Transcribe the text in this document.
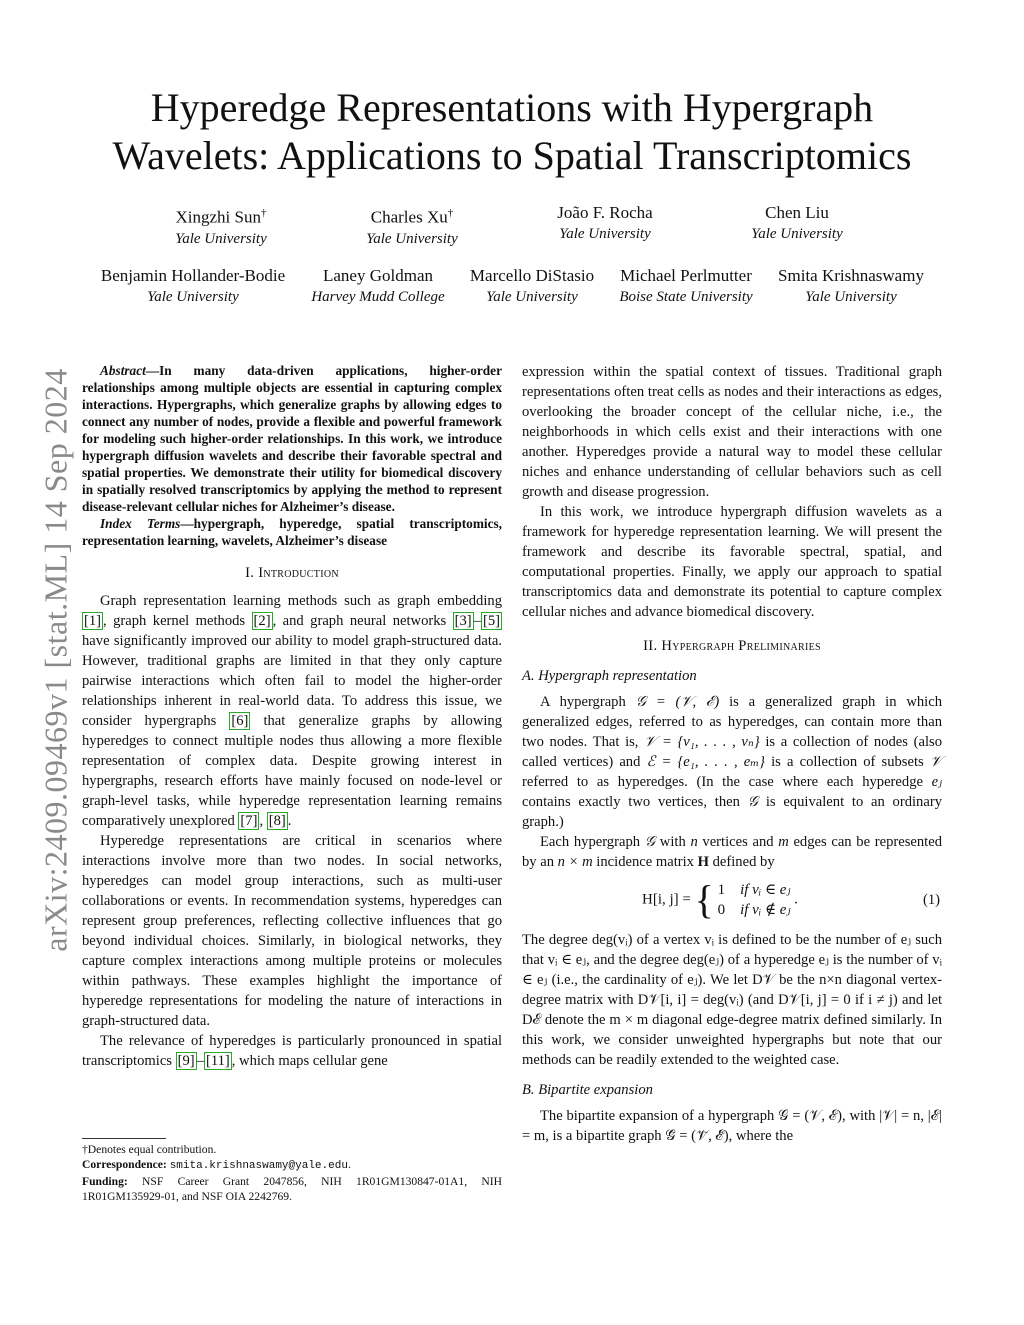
arXiv:2409.09469v1 [stat.ML] 14 Sep 2024
Hyperedge Representations with Hypergraph
Wavelets: Applications to Spatial Transcriptomics
Xingzhi Sun†
Yale University
Charles Xu†
Yale University
João F. Rocha
Yale University
Chen Liu
Yale University
Benjamin Hollander-Bodie
Yale University
Laney Goldman
Harvey Mudd College
Marcello DiStasio
Yale University
Michael Perlmutter
Boise State University
Smita Krishnaswamy
Yale University

Abstract—In many data-driven applications, higher-order relationships among multiple objects are essential in capturing complex interactions. Hypergraphs, which generalize graphs by allowing edges to connect any number of nodes, provide a flexible and powerful framework for modeling such higher-order relationships. In this work, we introduce hypergraph diffusion wavelets and describe their favorable spectral and spatial properties. We demonstrate their utility for biomedical discovery in spatially resolved transcriptomics by applying the method to represent disease-relevant cellular niches for Alzheimer’s disease.

Index Terms—hypergraph, hyperedge, spatial transcriptomics, representation learning, wavelets, Alzheimer’s disease

I. Introduction

Graph representation learning methods such as graph embedding [1] , graph kernel methods [2] , and graph neural networks [3] – [5] have significantly improved our ability to model graph-structured data. However, traditional graphs are limited in that they only capture pairwise interactions which often fail to model the higher-order relationships inherent in real-world data. To address this issue, we consider hypergraphs [6] that generalize graphs by allowing hyperedges to connect multiple nodes thus allowing a more flexible representation of complex data. Despite growing interest in hypergraphs, research efforts have mainly focused on node-level or graph-level tasks, while hyperedge representation learning remains comparatively unexplored [7] , [8] .

Hyperedge representations are critical in scenarios where interactions involve more than two nodes. In social networks, hyperedges can model group interactions, such as multi-user collaborations or events. In recommendation systems, hyperedges can represent group preferences, reflecting collective influences that go beyond individual choices. Similarly, in biological networks, they capture complex interactions among multiple proteins or molecules within pathways. These examples highlight the importance of hyperedge representations for modeling the nature of interactions in graph-structured data.

The relevance of hyperedges is particularly pronounced in spatial transcriptomics [9] – [11] , which maps cellular gene

†Denotes equal contribution.
Correspondence: smita.krishnaswamy@yale.edu.
Funding: NSF Career Grant 2047856, NIH 1R01GM130847-01A1, NIH 1R01GM135929-01, and NSF OIA 2242769.

expression within the spatial context of tissues. Traditional graph representations often treat cells as nodes and their interactions as edges, overlooking the broader concept of the cellular niche, i.e., the neighborhoods in which cells exist and their interactions with one another. Hyperedges provide a natural way to model these cellular niches and enhance understanding of cellular behaviors such as cell growth and disease progression.

In this work, we introduce hypergraph diffusion wavelets as a framework for hyperedge representation learning. We will present the framework and describe its favorable spectral, spatial, and computational properties. Finally, we apply our approach to spatial transcriptomics data and demonstrate its potential to capture complex cellular niches and advance biomedical discovery.

II. Hypergraph Preliminaries
A. Hypergraph representation

A hypergraph 𝒢 = (𝒱, ℰ) is a generalized graph in which generalized edges, referred to as hyperedges, can contain more than two nodes. That is, 𝒱 = {v₁, . . . , vₙ} is a collection of nodes (also called vertices) and ℰ = {e₁, . . . , eₘ} is a collection of subsets 𝒱 referred to as hyperedges. (In the case where each hyperedge eⱼ contains exactly two vertices, then 𝒢 is equivalent to an ordinary graph.)

Each hypergraph 𝒢 with n vertices and m edges can be represented by an n × m incidence matrix H defined by

H[i, j] = { 1 if vᵢ ∈ eⱼ
0 if vᵢ ∉ eⱼ
.	(1)

The degree deg(vᵢ) of a vertex vᵢ is defined to be the number of eⱼ such that vᵢ ∈ eⱼ, and the degree deg(eⱼ) of a hyperedge eⱼ is the number of vᵢ ∈ eⱼ (i.e., the cardinality of eⱼ). We let D𝒱 be the n×n diagonal vertex-degree matrix with D𝒱[i, i] = deg(vᵢ) (and D𝒱[i, j] = 0 if i ≠ j) and let Dℰ denote the m × m diagonal edge-degree matrix defined similarly. In this work, we consider unweighted hypergraphs but note that our methods can be readily extended to the weighted case.

B. Bipartite expansion

The bipartite expansion of a hypergraph 𝒢 = (𝒱, ℰ), with |𝒱| = n, |ℰ| = m, is a bipartite graph 𝒢̃ = (𝒱̃, ℰ̃), where the
